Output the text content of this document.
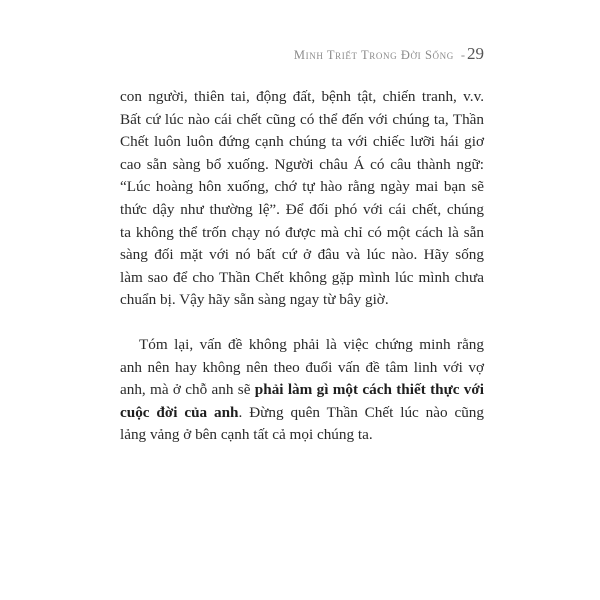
Minh Triết Trong Đời Sống - 29
con người, thiên tai, động đất, bệnh tật, chiến tranh, v.v.
Bất cứ lúc nào cái chết cũng có thể đến với chúng ta, Thần
Chết luôn luôn đứng cạnh chúng ta với chiếc lưỡi hái giơ
cao sẵn sàng bổ xuống. Người châu Á có câu thành ngữ:
“Lúc hoàng hôn xuống, chớ tự hào rằng ngày mai bạn sẽ
thức dậy như thường lệ”. Để đối phó với cái chết, chúng
ta không thể trốn chạy nó được mà chỉ có một cách là sẵn
sàng đối mặt với nó bất cứ ở đâu và lúc nào. Hãy sống
làm sao để cho Thần Chết không gặp mình lúc mình chưa
chuẩn bị. Vậy hãy sẵn sàng ngay từ bây giờ.
Tóm lại, vấn đề không phải là việc chứng minh rằng
anh nên hay không nên theo đuổi vấn đề tâm linh với vợ
anh, mà ở chỗ anh sẽ phải làm gì một cách thiết thực với
cuộc đời của anh. Đừng quên Thần Chết lúc nào cũng
lảng vảng ở bên cạnh tất cả mọi chúng ta.
